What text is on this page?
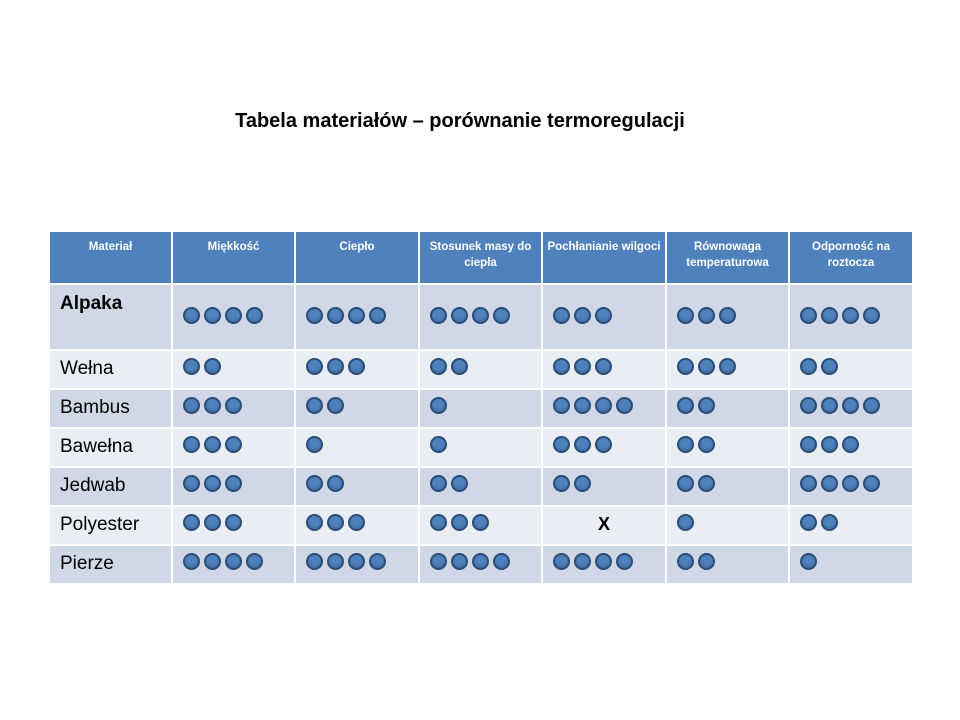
Tabela materiałów – porównanie termoregulacji
Materiał	Miękkość	Ciepło	Stosunek masy do ciepła	Pochłanianie wilgoci	Równowaga temperaturowa	Odporność na roztocza
Alpaka	

Wełna	

Bambus	

Bawełna	

Jedwab	

Polyester				X		

Pierze	
